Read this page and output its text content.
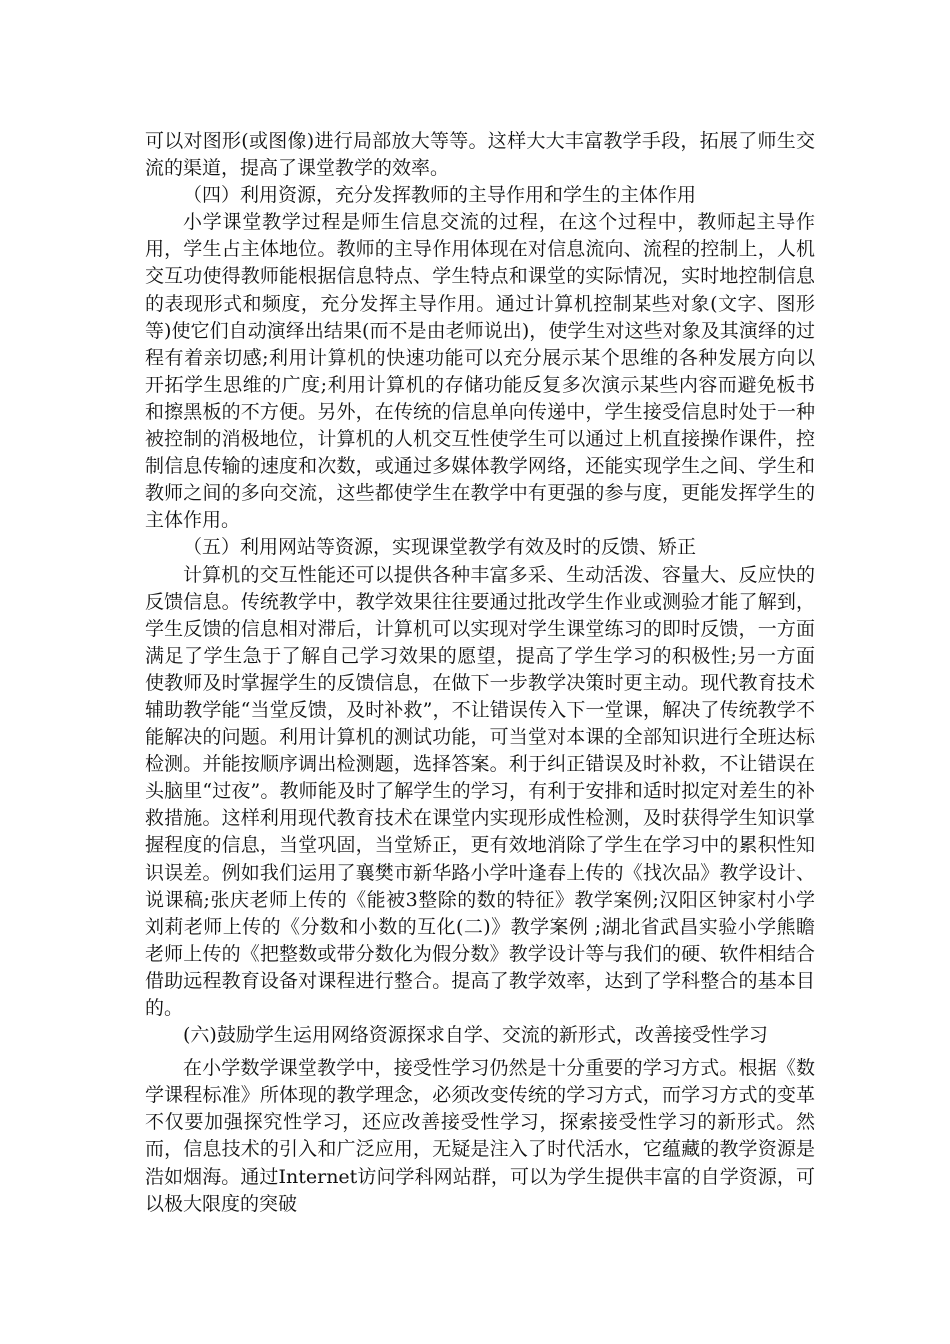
可以对图形(或图像)进行局部放大等等。这样大大丰富教学手段，拓展了师生交流的渠道，提高了课堂教学的效率。

（四）利用资源，充分发挥教师的主导作用和学生的主体作用

小学课堂教学过程是师生信息交流的过程，在这个过程中，教师起主导作用，学生占主体地位。教师的主导作用体现在对信息流向、流程的控制上，人机交互功使得教师能根据信息特点、学生特点和课堂的实际情况，实时地控制信息的表现形式和频度，充分发挥主导作用。通过计算机控制某些对象(文字、图形等)使它们自动演绎出结果(而不是由老师说出)，使学生对这些对象及其演绎的过程有着亲切感;利用计算机的快速功能可以充分展示某个思维的各种发展方向以开拓学生思维的广度;利用计算机的存储功能反复多次演示某些内容而避免板书和擦黑板的不方便。另外，在传统的信息单向传递中，学生接受信息时处于一种被控制的消极地位，计算机的人机交互性使学生可以通过上机直接操作课件，控制信息传输的速度和次数，或通过多媒体教学网络，还能实现学生之间、学生和教师之间的多向交流，这些都使学生在教学中有更强的参与度，更能发挥学生的主体作用。

（五）利用网站等资源，实现课堂教学有效及时的反馈、矫正

计算机的交互性能还可以提供各种丰富多采、生动活泼、容量大、反应快的反馈信息。传统教学中，教学效果往往要通过批改学生作业或测验才能了解到，学生反馈的信息相对滞后，计算机可以实现对学生课堂练习的即时反馈，一方面满足了学生急于了解自己学习效果的愿望，提高了学生学习的积极性;另一方面使教师及时掌握学生的反馈信息，在做下一步教学决策时更主动。现代教育技术辅助教学能“当堂反馈，及时补救”，不让错误传入下一堂课，解决了传统教学不能解决的问题。利用计算机的测试功能，可当堂对本课的全部知识进行全班达标检测。并能按顺序调出检测题，选择答案。利于纠正错误及时补救，不让错误在头脑里“过夜”。教师能及时了解学生的学习，有利于安排和适时拟定对差生的补救措施。这样利用现代教育技术在课堂内实现形成性检测，及时获得学生知识掌握程度的信息，当堂巩固，当堂矫正，更有效地消除了学生在学习中的累积性知识误差。例如我们运用了襄樊市新华路小学叶逢春上传的《找次品》教学设计、说课稿;张庆老师上传的《能被3整除的数的特征》教学案例;汉阳区钟家村小学刘莉老师上传的《分数和小数的互化(二)》教学案例 ;湖北省武昌实验小学熊瞻老师上传的《把整数或带分数化为假分数》教学设计等与我们的硬、软件相结合借助远程教育设备对课程进行整合。提高了教学效率，达到了学科整合的基本目的。

(六)鼓励学生运用网络资源探求自学、交流的新形式，改善接受性学习

在小学数学课堂教学中，接受性学习仍然是十分重要的学习方式。根据《数学课程标准》所体现的教学理念，必须改变传统的学习方式，而学习方式的变革不仅要加强探究性学习，还应改善接受性学习，探索接受性学习的新形式。然而，信息技术的引入和广泛应用，无疑是注入了时代活水，它蕴藏的教学资源是浩如烟海。通过Internet访问学科网站群，可以为学生提供丰富的自学资源，可以极大限度的突破
